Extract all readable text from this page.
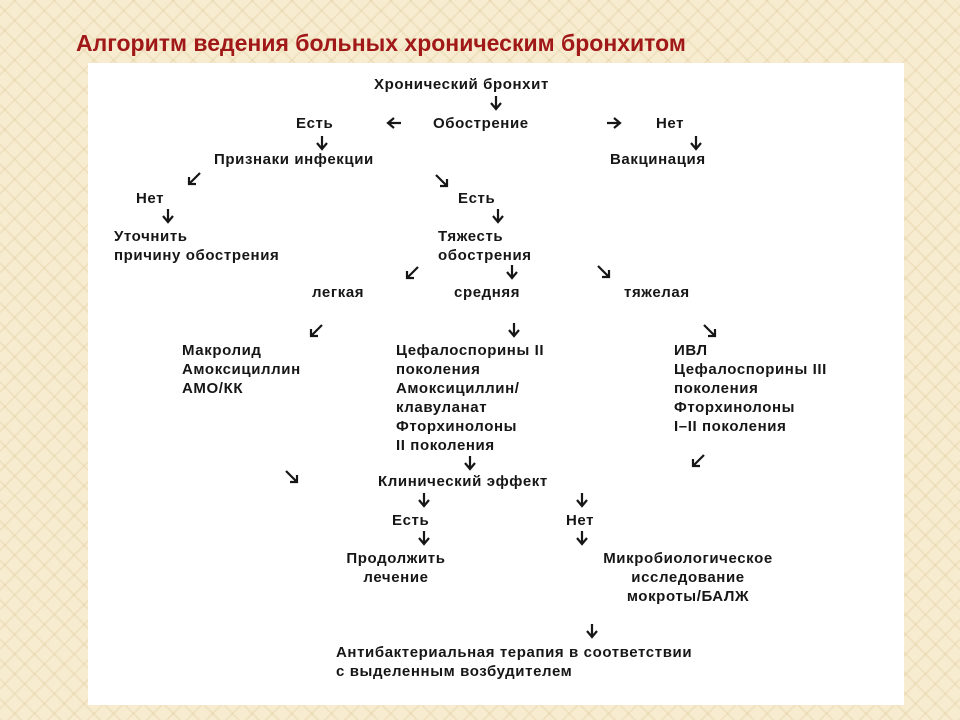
Алгоритм ведения больных хроническим бронхитом
Хронический бронхит
Есть	Обострение	Нет
Признаки инфекции	Вакцинация
Нет	Есть
Уточнить
причину обострения
Тяжесть
обострения
легкая	средняя	тяжелая
Макролид
Амоксициллин
АМО/КК
Цефалоспорины II
поколения
Амоксициллин/
клавуланат
Фторхинолоны
II поколения
ИВЛ
Цефалоспорины III
поколения
Фторхинолоны
I–II поколения
Клинический эффект
Есть	Нет
Продолжить
лечение
Микробиологическое
исследование
мокроты/БАЛЖ
Антибактериальная терапия в соответствии
с выделенным возбудителем
